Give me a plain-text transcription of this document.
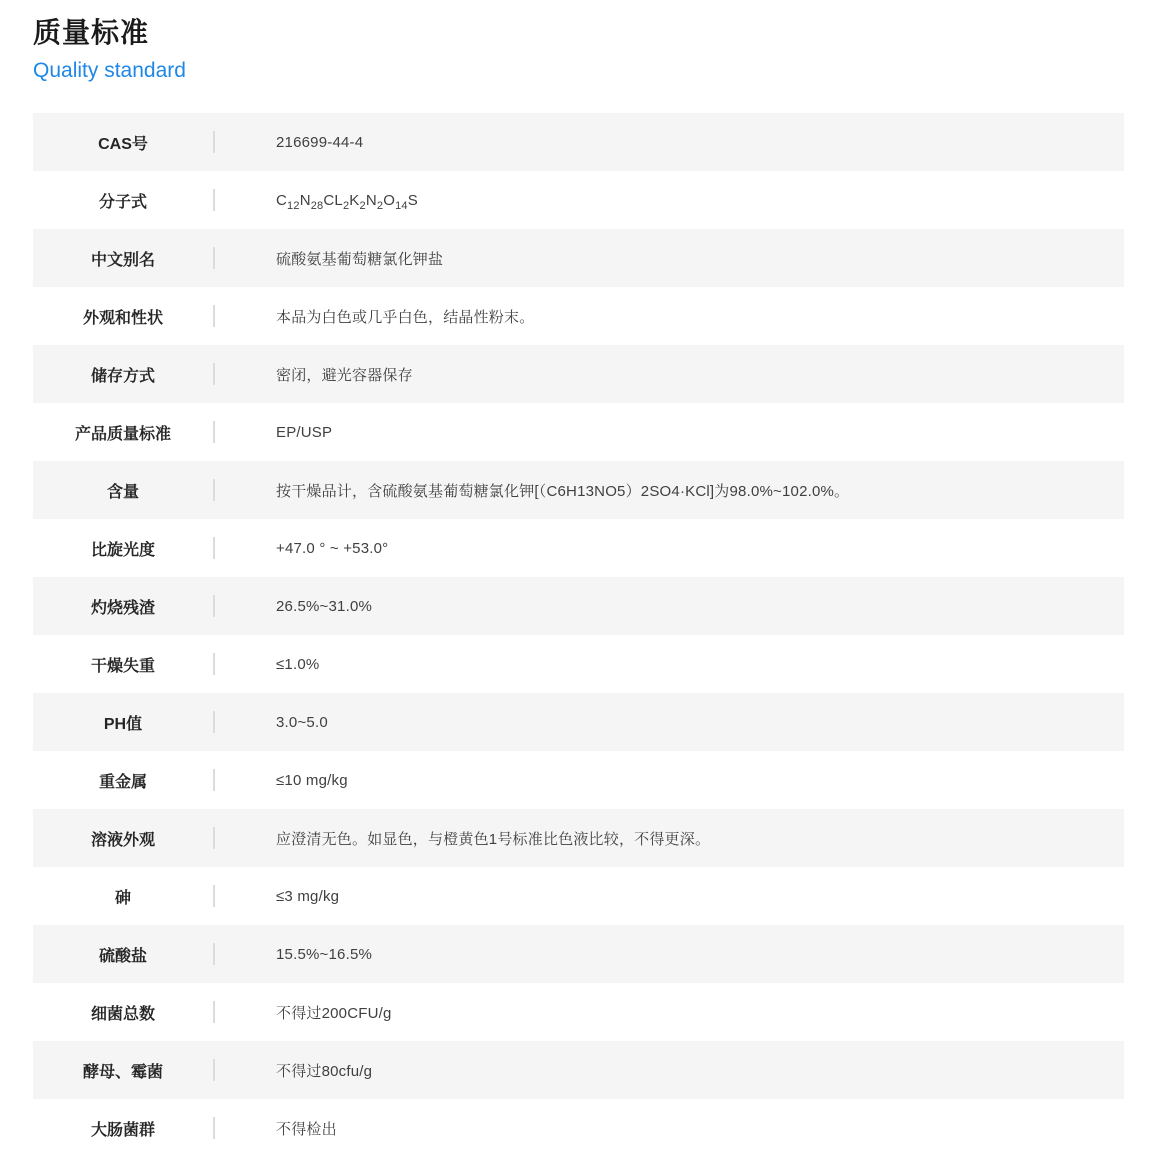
质量标准
Quality standard
CAS号	216699-44-4
分子式	$C_{12}N_{28}CL_2K_2N_2O_{14}S$
中文别名	硫酸氨基葡萄糖氯化钾盐
外观和性状	本品为白色或几乎白色，结晶性粉末。
储存方式	密闭，避光容器保存
产品质量标准	EP/USP
含量	按干燥品计，含硫酸氨基葡萄糖氯化钾[（C6H13NO5）2SO4·KCl]为98.0%~102.0%。
比旋光度	+47.0 ° ~ +53.0°
灼烧残渣	26.5%~31.0%
干燥失重	≤1.0%
PH值	3.0~5.0
重金属	≤10 mg/kg
溶液外观	应澄清无色。如显色，与橙黄色1号标准比色液比较，不得更深。
砷	≤3 mg/kg
硫酸盐	15.5%~16.5%
细菌总数	不得过200CFU/g
酵母、霉菌	不得过80cfu/g
大肠菌群	不得检出
